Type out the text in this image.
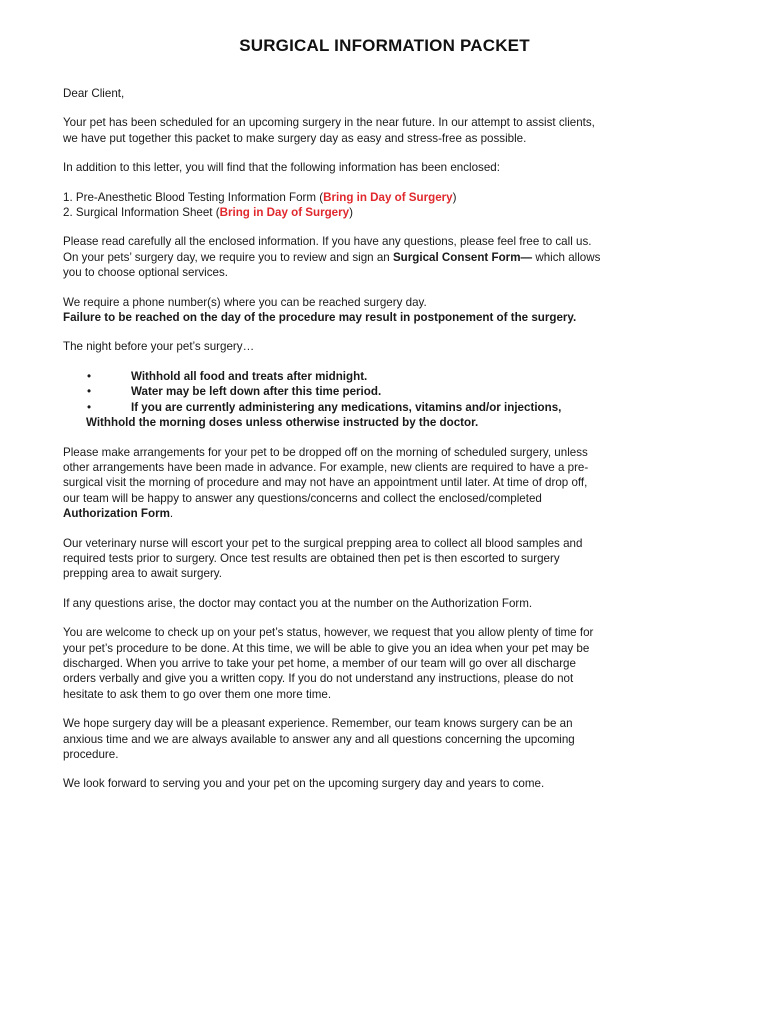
SURGICAL INFORMATION PACKET

Dear Client,

Your pet has been scheduled for an upcoming surgery in the near future. In our attempt to assist clients,
we have put together this packet to make surgery day as easy and stress-free as possible.

In addition to this letter, you will find that the following information has been enclosed:

1. Pre-Anesthetic Blood Testing Information Form (Bring in Day of Surgery)
2. Surgical Information Sheet (Bring in Day of Surgery)

Please read carefully all the enclosed information. If you have any questions, please feel free to call us.
On your pets’ surgery day, we require you to review and sign an Surgical Consent Form— which allows
you to choose optional services.

We require a phone number(s) where you can be reached surgery day.
Failure to be reached on the day of the procedure may result in postponement of the surgery.

The night before your pet’s surgery…

•	Withhold all food and treats after midnight.
•	Water may be left down after this time period.
•	If you are currently administering any medications, vitamins and/or injections,
Withhold the morning doses unless otherwise instructed by the doctor.

Please make arrangements for your pet to be dropped off on the morning of scheduled surgery, unless
other arrangements have been made in advance. For example, new clients are required to have a pre-
surgical visit the morning of procedure and may not have an appointment until later. At time of drop off,
our team will be happy to answer any questions/concerns and collect the enclosed/completed
Authorization Form.

Our veterinary nurse will escort your pet to the surgical prepping area to collect all blood samples and
required tests prior to surgery. Once test results are obtained then pet is then escorted to surgery
prepping area to await surgery.

If any questions arise, the doctor may contact you at the number on the Authorization Form.

You are welcome to check up on your pet’s status, however, we request that you allow plenty of time for
your pet’s procedure to be done. At this time, we will be able to give you an idea when your pet may be
discharged. When you arrive to take your pet home, a member of our team will go over all discharge
orders verbally and give you a written copy. If you do not understand any instructions, please do not
hesitate to ask them to go over them one more time.

We hope surgery day will be a pleasant experience. Remember, our team knows surgery can be an
anxious time and we are always available to answer any and all questions concerning the upcoming
procedure.

We look forward to serving you and your pet on the upcoming surgery day and years to come.
